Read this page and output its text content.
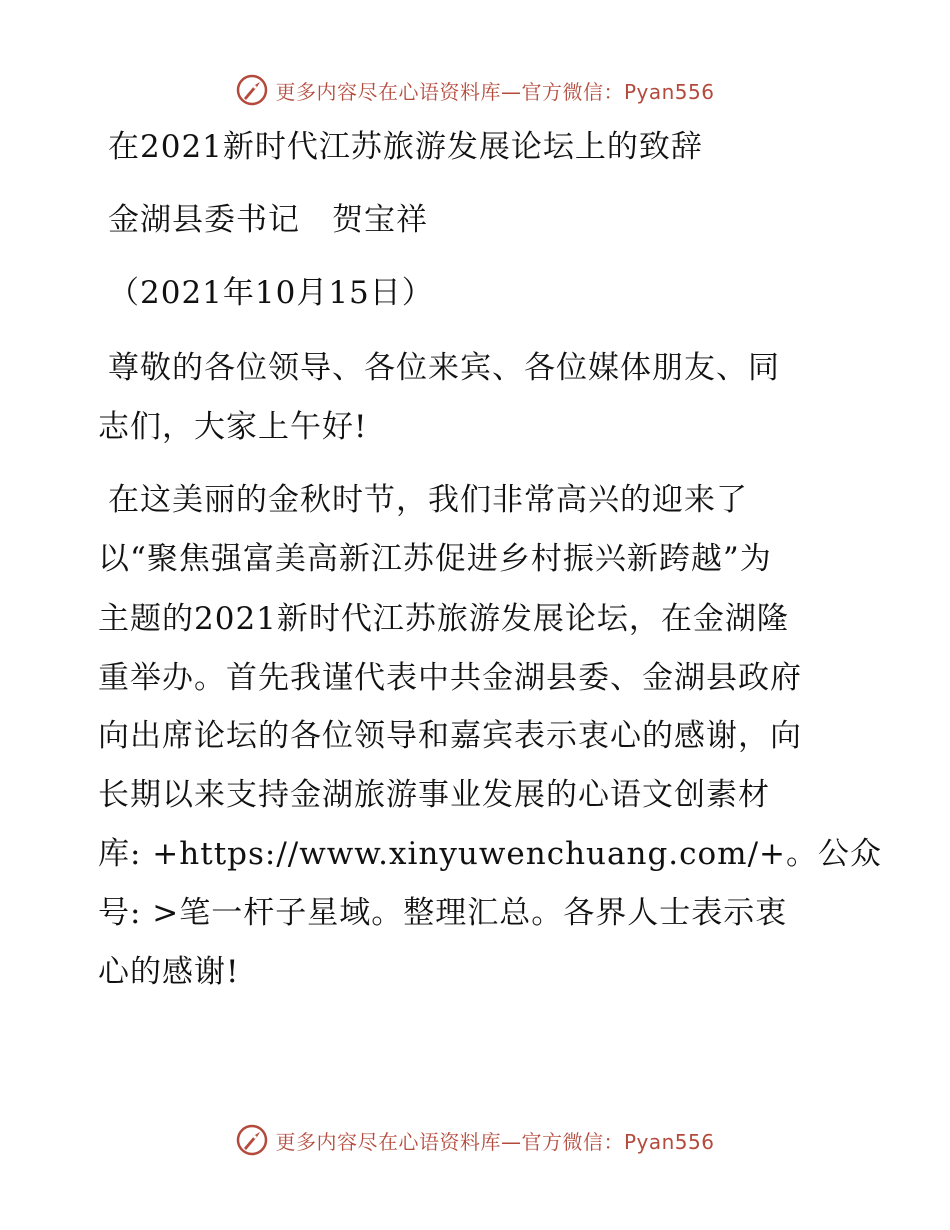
更多内容尽在心语资料库—官方微信：Pyan556
在2021新时代江苏旅游发展论坛上的致辞
金湖县委书记　贺宝祥
（2021年10月15日）
尊敬的各位领导、各位来宾、各位媒体朋友、同
志们，大家上午好!
在这美丽的金秋时节，我们非常高兴的迎来了
以“聚焦强富美高新江苏促进乡村振兴新跨越”为
主题的2021新时代江苏旅游发展论坛，在金湖隆
重举办。首先我谨代表中共金湖县委、金湖县政府
向出席论坛的各位领导和嘉宾表示衷心的感谢，向
长期以来支持金湖旅游事业发展的心语文创素材
库: +https://www.xinyuwenchuang.com/+。公众
号: >笔一杆子星域。整理汇总。各界人士表示衷
心的感谢!
更多内容尽在心语资料库—官方微信：Pyan556
